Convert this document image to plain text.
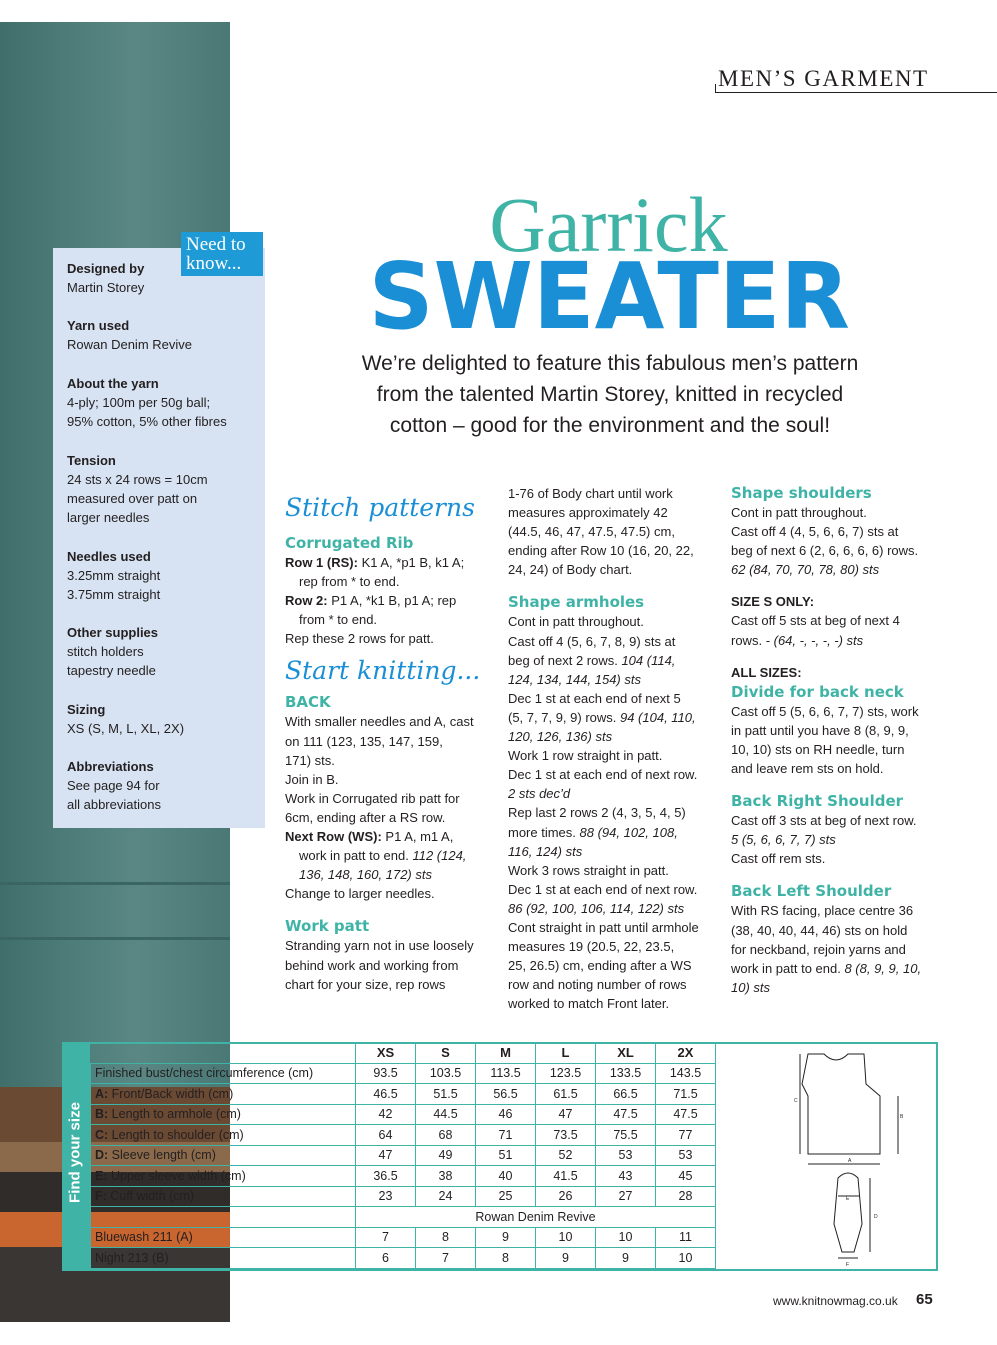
MEN’S GARMENT
Garrick
SWEATER
We’re delighted to feature this fabulous men’s pattern
from the talented Martin Storey, knitted in recycled
cotton – good for the environment and the soul!
Need to
know...
Designed by
Martin Storey
Yarn used
Rowan Denim Revive
About the yarn
4-ply; 100m per 50g ball;
95% cotton, 5% other fibres
Tension
24 sts x 24 rows = 10cm
measured over patt on
larger needles
Needles used
3.25mm straight
3.75mm straight
Other supplies
stitch holders
tapestry needle
Sizing
XS (S, M, L, XL, 2X)
Abbreviations
See page 94 for
all abbreviations
Stitch patterns
Corrugated Rib

Row 1 (RS): K1 A, *p1 B, k1 A;

rep from * to end.

Row 2: P1 A, *k1 B, p1 A; rep

from * to end.

Rep these 2 rows for patt.

Start knitting...
BACK

With smaller needles and A, cast

on 111 (123, 135, 147, 159,

171) sts.

Join in B.

Work in Corrugated rib patt for

6cm, ending after a RS row.

Next Row (WS): P1 A, m1 A,

work in patt to end. 112 (124,

136, 148, 160, 172) sts

Change to larger needles.

Work patt

Stranding yarn not in use loosely

behind work and working from

chart for your size, rep rows

1-76 of Body chart until work

measures approximately 42

(44.5, 46, 47, 47.5, 47.5) cm,

ending after Row 10 (16, 20, 22,

24, 24) of Body chart.

Shape armholes

Cont in patt throughout.

Cast off 4 (5, 6, 7, 8, 9) sts at

beg of next 2 rows. 104 (114,

124, 134, 144, 154) sts

Dec 1 st at each end of next 5

(5, 7, 7, 9, 9) rows. 94 (104, 110,

120, 126, 136) sts

Work 1 row straight in patt.

Dec 1 st at each end of next row.

2 sts dec’d

Rep last 2 rows 2 (4, 3, 5, 4, 5)

more times. 88 (94, 102, 108,

116, 124) sts

Work 3 rows straight in patt.

Dec 1 st at each end of next row.

86 (92, 100, 106, 114, 122) sts

Cont straight in patt until armhole

measures 19 (20.5, 22, 23.5,

25, 26.5) cm, ending after a WS

row and noting number of rows

worked to match Front later.

Shape shoulders

Cont in patt throughout.

Cast off 4 (4, 5, 6, 6, 7) sts at

beg of next 6 (2, 6, 6, 6, 6) rows.

62 (84, 70, 70, 78, 80) sts

SIZE S ONLY:

Cast off 5 sts at beg of next 4

rows. - (64, -, -, -, -) sts

ALL SIZES:

Divide for back neck

Cast off 5 (5, 6, 6, 7, 7) sts, work

in patt until you have 8 (8, 9, 9,

10, 10) sts on RH needle, turn

and leave rem sts on hold.

Back Right Shoulder

Cast off 3 sts at beg of next row.

5 (5, 6, 6, 7, 7) sts

Cast off rem sts.

Back Left Shoulder

With RS facing, place centre 36

(38, 40, 40, 44, 46) sts on hold

for neckband, rejoin yarns and

work in patt to end. 8 (8, 9, 9, 10,

10) sts

Find your size
	XS	S	M	L	XL	2X
Finished bust/chest circumference (cm)	93.5	103.5	113.5	123.5	133.5	143.5
A: Front/Back width (cm)	46.5	51.5	56.5	61.5	66.5	71.5
B: Length to armhole (cm)	42	44.5	46	47	47.5	47.5
C: Length to shoulder (cm)	64	68	71	73.5	75.5	77
D: Sleeve length (cm)	47	49	51	52	53	53
E: Upper sleeve width (cm)	36.5	38	40	41.5	43	45
F: Cuff width (cm)	23	24	25	26	27	28
	Rowan Denim Revive					
Bluewash 211 (A)	7	8	9	10	10	11
Night 213 (B)	6	7	8	9	9	10
A
B
C
D
E
F
www.knitnowmag.co.uk 65
